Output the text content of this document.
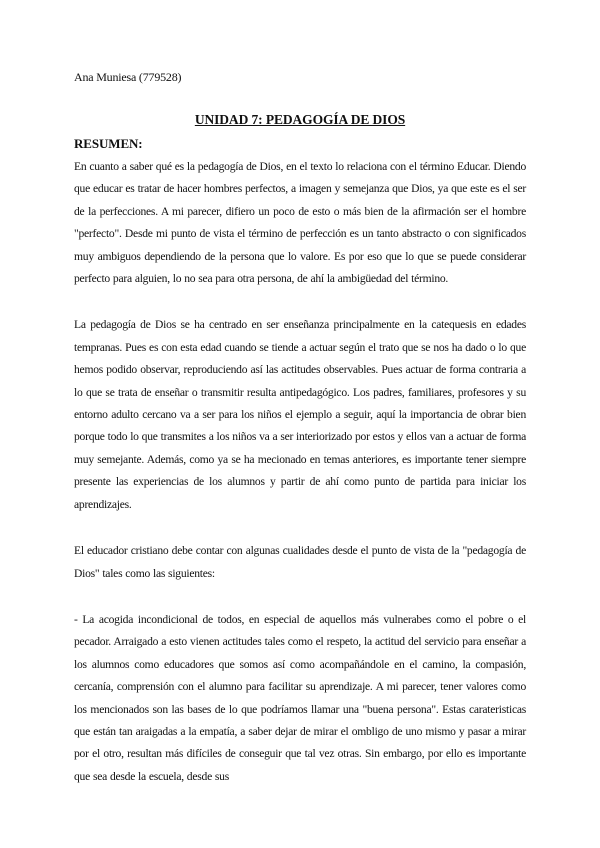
Ana Muniesa (779528)
UNIDAD 7: PEDAGOGÍA DE DIOS
RESUMEN:

En cuanto a saber qué es la pedagogía de Dios, en el texto lo relaciona con el término Educar. Diendo que educar es tratar de hacer hombres perfectos, a imagen y semejanza que Dios, ya que este es el ser de la perfecciones. A mi parecer, difiero un poco de esto o más bien de la afirmación ser el hombre "perfecto". Desde mi punto de vista el término de perfección es un tanto abstracto o con significados muy ambiguos dependiendo de la persona que lo valore. Es por eso que lo que se puede considerar perfecto para alguien, lo no sea para otra persona, de ahí la ambigüedad del término.

La pedagogía de Dios se ha centrado en ser enseñanza principalmente en la catequesis en edades tempranas. Pues es con esta edad cuando se tiende a actuar según el trato que se nos ha dado o lo que hemos podido observar, reproduciendo así las actitudes observables. Pues actuar de forma contraria a lo que se trata de enseñar o transmitir resulta antipedagógico. Los padres, familiares, profesores y su entorno adulto cercano va a ser para los niños el ejemplo a seguir, aquí la importancia de obrar bien porque todo lo que transmites a los niños va a ser interiorizado por estos y ellos van a actuar de forma muy semejante. Además, como ya se ha mecionado en temas anteriores, es importante tener siempre presente las experiencias de los alumnos y partir de ahí como punto de partida para iniciar los aprendizajes.

El educador cristiano debe contar con algunas cualidades desde el punto de vista de la "pedagogía de Dios" tales como las siguientes:

- La acogida incondicional de todos, en especial de aquellos más vulnerabes como el pobre o el pecador. Arraigado a esto vienen actitudes tales como el respeto, la actitud del servicio para enseñar a los alumnos como educadores que somos así como acompañándole en el camino, la compasión, cercanía, comprensión con el alumno para facilitar su aprendizaje. A mi parecer, tener valores como los mencionados son las bases de lo que podríamos llamar una "buena persona". Estas carateristicas que están tan araigadas a la empatía, a saber dejar de mirar el ombligo de uno mismo y pasar a mirar por el otro, resultan más difíciles de conseguir que tal vez otras. Sin embargo, por ello es importante que sea desde la escuela, desde sus
